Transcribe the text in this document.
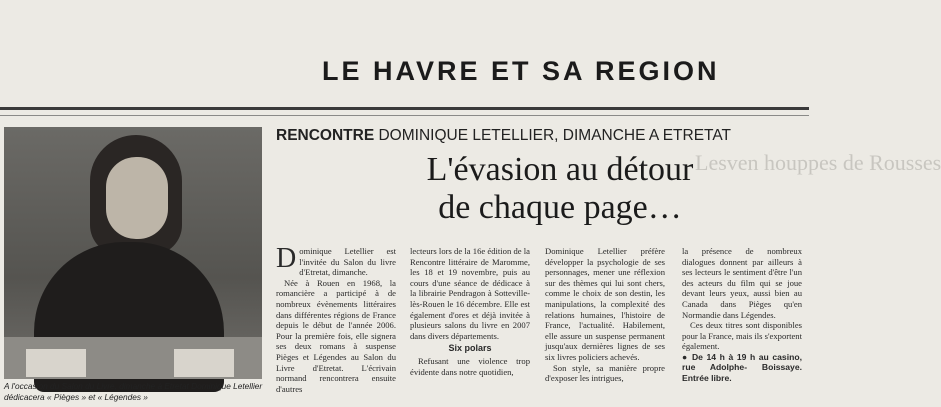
LE HAVRE ET SA REGION
A l'occasion du Salon du Livre, dimanche à Etretat Dominique Letellier dédicacera « Pièges » et « Légendes »
RENCONTRE DOMINIQUE LETELLIER, DIMANCHE A ETRETAT
Lesven houppes de Rousses
L'évasion au détour
de chaque page…

Dominique Letellier est l'invitée du Salon du livre d'Etretat, dimanche.

Née à Rouen en 1968, la romancière a participé à de nombreux évènements littéraires dans différentes régions de France depuis le début de l'année 2006. Pour la première fois, elle signera ses deux romans à suspense Pièges et Légendes au Salon du Livre d'Etretat. L'écrivain normand rencontrera ensuite d'autres

lecteurs lors de la 16e édition de la Rencontre littéraire de Maromme, les 18 et 19 novembre, puis au cours d'une séance de dédicace à la librairie Pendragon à Sotteville-lès-Rouen le 16 décembre. Elle est également d'ores et déjà invitée à plusieurs salons du livre en 2007 dans divers départements.

Six polars

Refusant une violence trop évidente dans notre quotidien,

Dominique Letellier préfère développer la psychologie de ses personnages, mener une réflexion sur des thèmes qui lui sont chers, comme le choix de son destin, les manipulations, la complexité des relations humaines, l'histoire de France, l'actualité. Habilement, elle assure un suspense permanent jusqu'aux dernières lignes de ses six livres policiers achevés.

Son style, sa manière propre d'exposer les intrigues,

la présence de nombreux dialogues donnent par ailleurs à ses lecteurs le sentiment d'être l'un des acteurs du film qui se joue devant leurs yeux, aussi bien au Canada dans Pièges qu'en Normandie dans Légendes.

Ces deux titres sont disponibles pour la France, mais ils s'exportent également.

● De 14 h à 19 h au casino, rue Adolphe- Boissaye. Entrée libre.
